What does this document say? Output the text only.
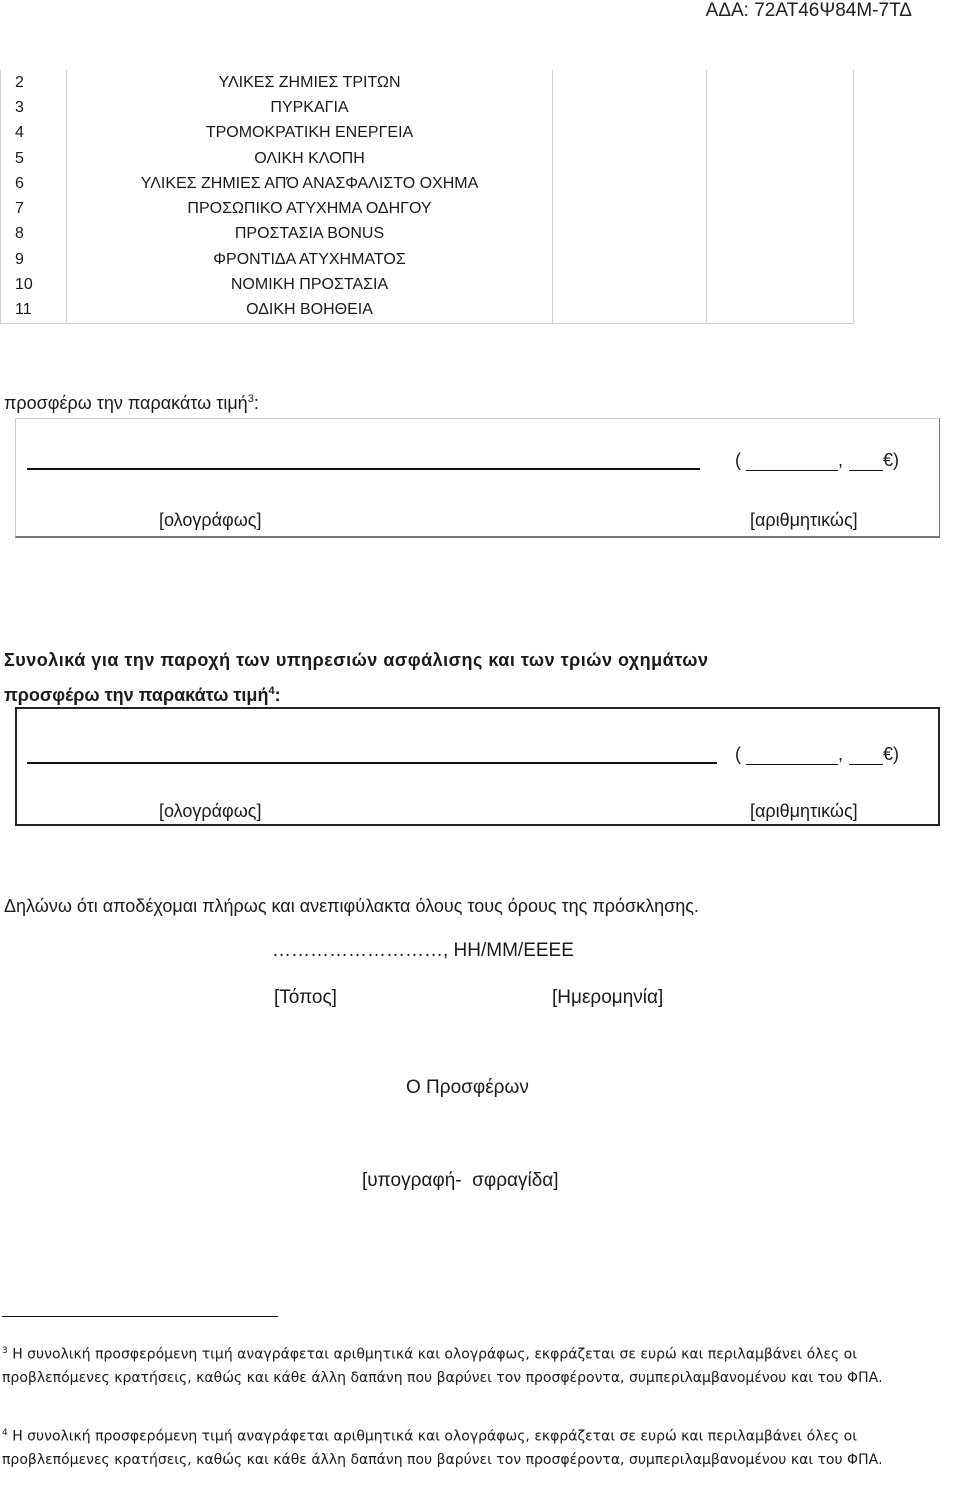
ΑΔΑ: 72ΑΤ46Ψ84Μ-7ΤΔ
2	ΥΛΙΚΕΣ ΖΗΜΙΕΣ ΤΡΙΤΩΝ		
3	ΠΥΡΚΑΓΙΑ		
4	ΤΡΟΜΟΚΡΑΤΙΚΗ ΕΝΕΡΓΕΙΑ		
5	ΟΛΙΚΗ ΚΛΟΠΗ		
6	ΥΛΙΚΕΣ ΖΗΜΙΕΣ ΑΠΌ ΑΝΑΣΦΑΛΙΣΤΟ ΟΧΗΜΑ		
7	ΠΡΟΣΩΠΙΚΟ ΑΤΥΧΗΜΑ ΟΔΗΓΟΥ		
8	ΠΡΟΣΤΑΣΙΑ BONUS		
9	ΦΡΟΝΤΙΔΑ ΑΤΥΧΗΜΑΤΟΣ		
10	ΝΟΜΙΚΗ ΠΡΟΣΤΑΣΙΑ		
11	ΟΔΙΚΗ ΒΟΗΘΕΙΑ		
προσφέρω την παρακάτω τιμή$^3$:
(	, €)
[ολογράφως]	[αριθμητικώς]
Συνολικά για την παροχή των υπηρεσιών ασφάλισης και των τριών οχημάτων
προσφέρω την παρακάτω τιμή$^4$:
(	, €)
[ολογράφως]	[αριθμητικώς]
Δηλώνω ότι αποδέχομαι πλήρως και ανεπιφύλακτα όλους τους όρους της πρόσκλησης.
………………………, ΗΗ/ΜΜ/ΕΕΕΕ
[Τόπος]	[Ημερομηνία]
Ο Προσφέρων
[υπογραφή-  σφραγίδα]
$^3$ Η συνολική προσφερόμενη τιμή αναγράφεται αριθμητικά και ολογράφως, εκφράζεται σε ευρώ και περιλαμβάνει όλες οι προβλεπόμενες κρατήσεις, καθώς και κάθε άλλη δαπάνη που βαρύνει τον προσφέροντα, συμπεριλαμβανομένου και του ΦΠΑ.
$^4$ Η συνολική προσφερόμενη τιμή αναγράφεται αριθμητικά και ολογράφως, εκφράζεται σε ευρώ και περιλαμβάνει όλες οι προβλεπόμενες κρατήσεις, καθώς και κάθε άλλη δαπάνη που βαρύνει τον προσφέροντα, συμπεριλαμβανομένου και του ΦΠΑ.
